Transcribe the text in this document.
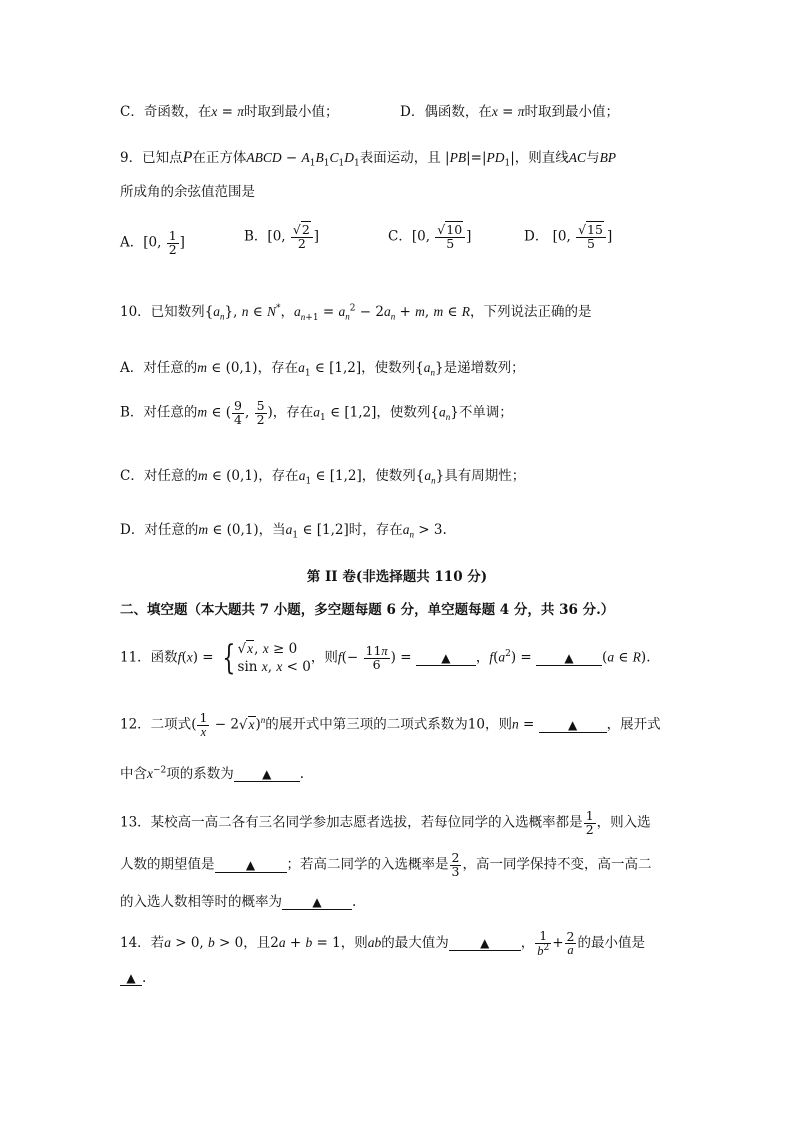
C．奇函数，在x = π时取到最小值；	D．偶函数，在x = π时取到最小值；
9．已知点P在正方体ABCD − $A_1B_1C_1D_1$表面运动，且 $|PB|=|PD_1|$，则直线AC与BP
所成角的余弦值范围是
A．[0, $\frac{1}{2}$ ]	B．[0, $\frac{√2}{2}$ ]	C．[0, $\frac{√10}{5}$ ]	D． [0, $\frac{√15}{5}$ ]
10．已知数列$\{a_n\}$, n ∈ N*，$a_{n+1} = a_n^2 - 2a_n + m$, m ∈ R，下列说法正确的是
A．对任意的m ∈ (0,1)，存在$a_1$ ∈ [1,2]，使数列$\{a_n\}$是递增数列；
B．对任意的m ∈ ( $\frac{9}{4}$ , $\frac{5}{2}$ )，存在$a_1$ ∈ [1,2]，使数列$\{a_n\}$不单调；
C．对任意的m ∈ (0,1)，存在$a_1$ ∈ [1,2]，使数列$\{a_n\}$具有周期性；
D．对任意的m ∈ (0,1)，当$a_1$ ∈ [1,2]时，存在$a_n > 3$.
第 II 卷(非选择题共 110 分)
二、填空题（本大题共 7 小题，多空题每题 6 分，单空题每题 4 分，共 36 分.）
11．函数f(x) = { √x, x ≥ 0
sin x, x < 0
，则$f(- \frac{11\pi}{6}$ ) = ▲ ，$f(a^2)$ = ▲ (a ∈ R).
12．二项式( $\frac{1}{x} - 2√x)^n$的展开式中第三项的二项式系数为10，则n = ▲ ，展开式
中含$x^{-2}$项的系数为 ▲ .
13．某校高一高二各有三名同学参加志愿者选拔，若每位同学的入选概率都是 $\frac{1}{2}$ ，则入选
人数的期望值是	▲ ；若高二同学的入选概率是 $\frac{2}{3}$ ，高一同学保持不变，高一高二
的入选人数相等时的概率为	▲ .
14．若a > 0, b > 0，且2a + b = 1，则ab的最大值为	▲ ， $\frac{1}{b^2} + \frac{2}{a}$ 的最小值是
▲ .
